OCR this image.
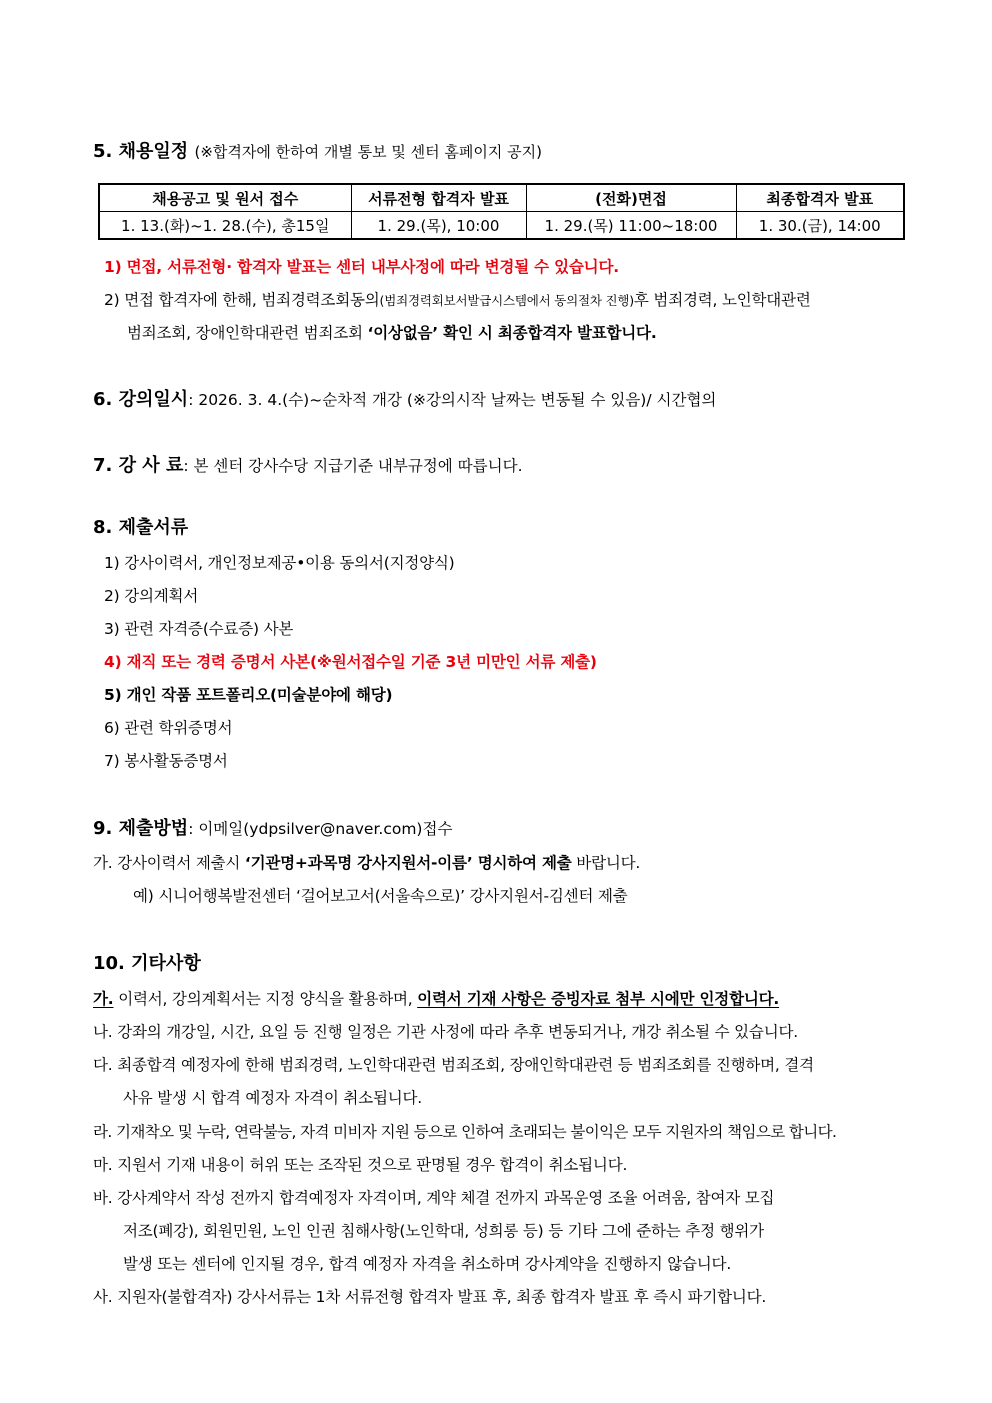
5. 채용일정 (※합격자에 한하여 개별 통보 및 센터 홈페이지 공지)
채용공고 및 원서 접수	서류전형 합격자 발표	(전화)면접	최종합격자 발표
1. 13.(화)~1. 28.(수), 총15일	1. 29.(목), 10:00	1. 29.(목) 11:00~18:00	1. 30.(금), 14:00
1) 면접, 서류전형· 합격자 발표는 센터 내부사정에 따라 변경될 수 있습니다.
2) 면접 합격자에 한해, 범죄경력조회동의(범죄경력회보서발급시스템에서 동의절차 진행)후 범죄경력, 노인학대관련
범죄조회, 장애인학대관련 범죄조회 ‘이상없음’ 확인 시 최종합격자 발표합니다.
6. 강의일시: 2026. 3. 4.(수)~순차적 개강 (※강의시작 날짜는 변동될 수 있음)/ 시간협의
7. 강 사 료: 본 센터 강사수당 지급기준 내부규정에 따릅니다.
8. 제출서류
1) 강사이력서, 개인정보제공•이용 동의서(지정양식)
2) 강의계획서
3) 관련 자격증(수료증) 사본
4) 재직 또는 경력 증명서 사본(※원서접수일 기준 3년 미만인 서류 제출)
5) 개인 작품 포트폴리오(미술분야에 해당)
6) 관련 학위증명서
7) 봉사활동증명서
9. 제출방법: 이메일(ydpsilver@naver.com)접수
가. 강사이력서 제출시 ‘기관명+과목명 강사지원서-이름’ 명시하여 제출 바랍니다.
예) 시니어행복발전센터 ‘걸어보고서(서울속으로)’ 강사지원서-김센터 제출
10. 기타사항
가. 이력서, 강의계획서는 지정 양식을 활용하며, 이력서 기재 사항은 증빙자료 첨부 시에만 인정합니다.
나. 강좌의 개강일, 시간, 요일 등 진행 일정은 기관 사정에 따라 추후 변동되거나, 개강 취소될 수 있습니다.
다. 최종합격 예정자에 한해 범죄경력, 노인학대관련 범죄조회, 장애인학대관련 등 범죄조회를 진행하며, 결격
사유 발생 시 합격 예정자 자격이 취소됩니다.
라. 기재착오 및 누락, 연락불능, 자격 미비자 지원 등으로 인하여 초래되는 불이익은 모두 지원자의 책임으로 합니다.
마. 지원서 기재 내용이 허위 또는 조작된 것으로 판명될 경우 합격이 취소됩니다.
바. 강사계약서 작성 전까지 합격예정자 자격이며, 계약 체결 전까지 과목운영 조율 어려움, 참여자 모집
저조(폐강), 회원민원, 노인 인권 침해사항(노인학대, 성희롱 등) 등 기타 그에 준하는 추정 행위가
발생 또는 센터에 인지될 경우, 합격 예정자 자격을 취소하며 강사계약을 진행하지 않습니다.
사. 지원자(불합격자) 강사서류는 1차 서류전형 합격자 발표 후, 최종 합격자 발표 후 즉시 파기합니다.
